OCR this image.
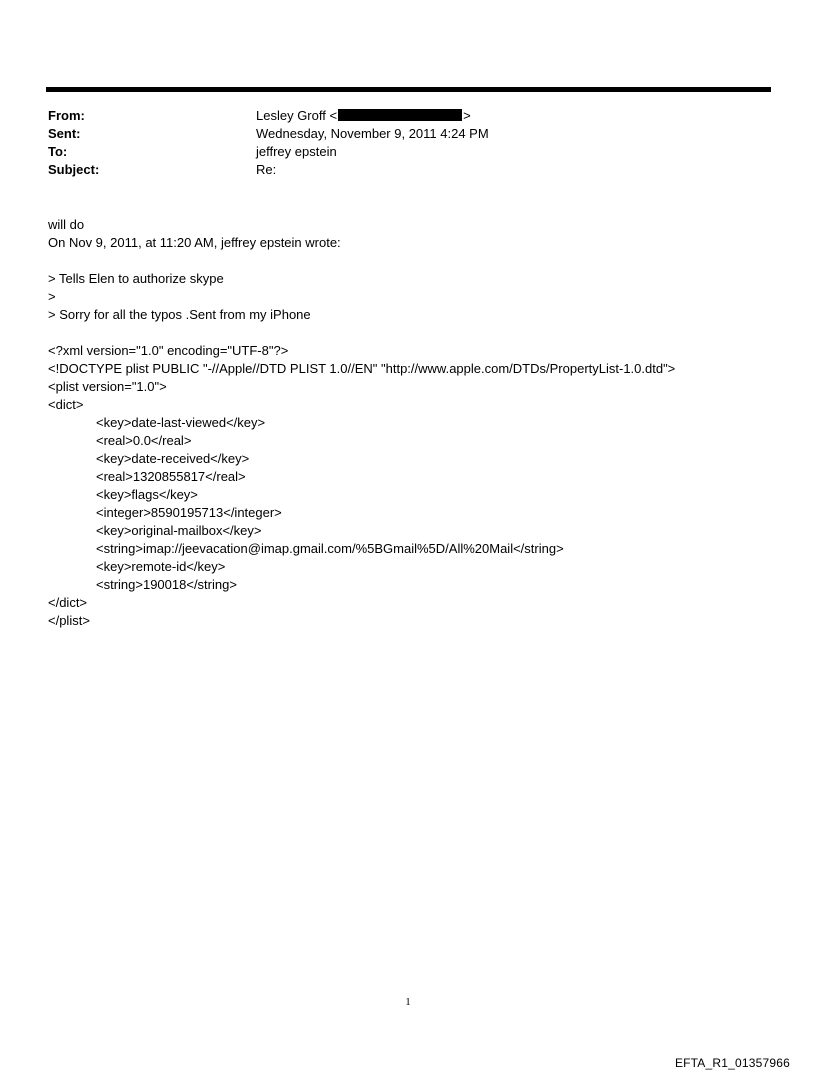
From:	Lesley Groff <	>
Sent:	Wednesday, November 9, 2011 4:24 PM
To:	jeffrey epstein
Subject:	Re:
will do
On Nov 9, 2011, at 11:20 AM, jeffrey epstein wrote:
> Tells Elen to authorize skype
>
> Sorry for all the typos .Sent from my iPhone
<?xml version="1.0" encoding="UTF-8"?>
<!DOCTYPE plist PUBLIC "-//Apple//DTD PLIST 1.0//EN" "http://www.apple.com/DTDs/PropertyList-1.0.dtd">
<plist version="1.0">
<dict>
<key>date-last-viewed</key>
<real>0.0</real>
<key>date-received</key>
<real>1320855817</real>
<key>flags</key>
<integer>8590195713</integer>
<key>original-mailbox</key>
<string>imap://jeevacation@imap.gmail.com/%5BGmail%5D/All%20Mail</string>
<key>remote-id</key>
<string>190018</string>
</dict>
</plist>
1
EFTA_R1_01357966
